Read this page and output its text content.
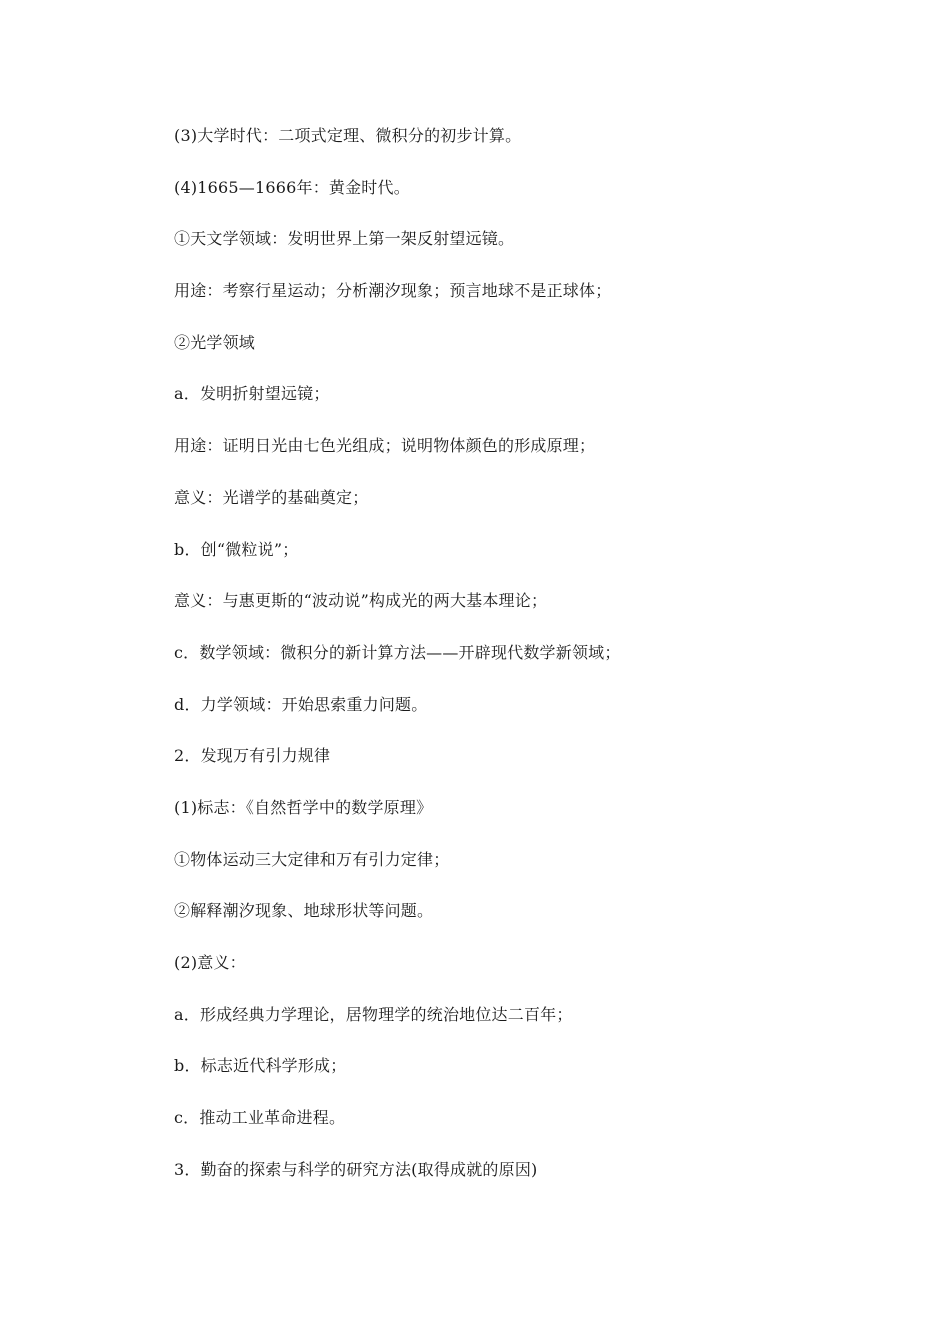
(3)大学时代：二项式定理、微积分的初步计算。
(4)1665—1666年：黄金时代。
①天文学领域：发明世界上第一架反射望远镜。
用途：考察行星运动；分析潮汐现象；预言地球不是正球体；
②光学领域
a．发明折射望远镜；
用途：证明日光由七色光组成；说明物体颜色的形成原理；
意义：光谱学的基础奠定；
b．创“微粒说”；
意义：与惠更斯的“波动说”构成光的两大基本理论；
c．数学领域：微积分的新计算方法——开辟现代数学新领域；
d．力学领域：开始思索重力问题。
2．发现万有引力规律
(1)标志：《自然哲学中的数学原理》
①物体运动三大定律和万有引力定律；
②解释潮汐现象、地球形状等问题。
(2)意义：
a．形成经典力学理论，居物理学的统治地位达二百年；
b．标志近代科学形成；
c．推动工业革命进程。
3．勤奋的探索与科学的研究方法(取得成就的原因)
